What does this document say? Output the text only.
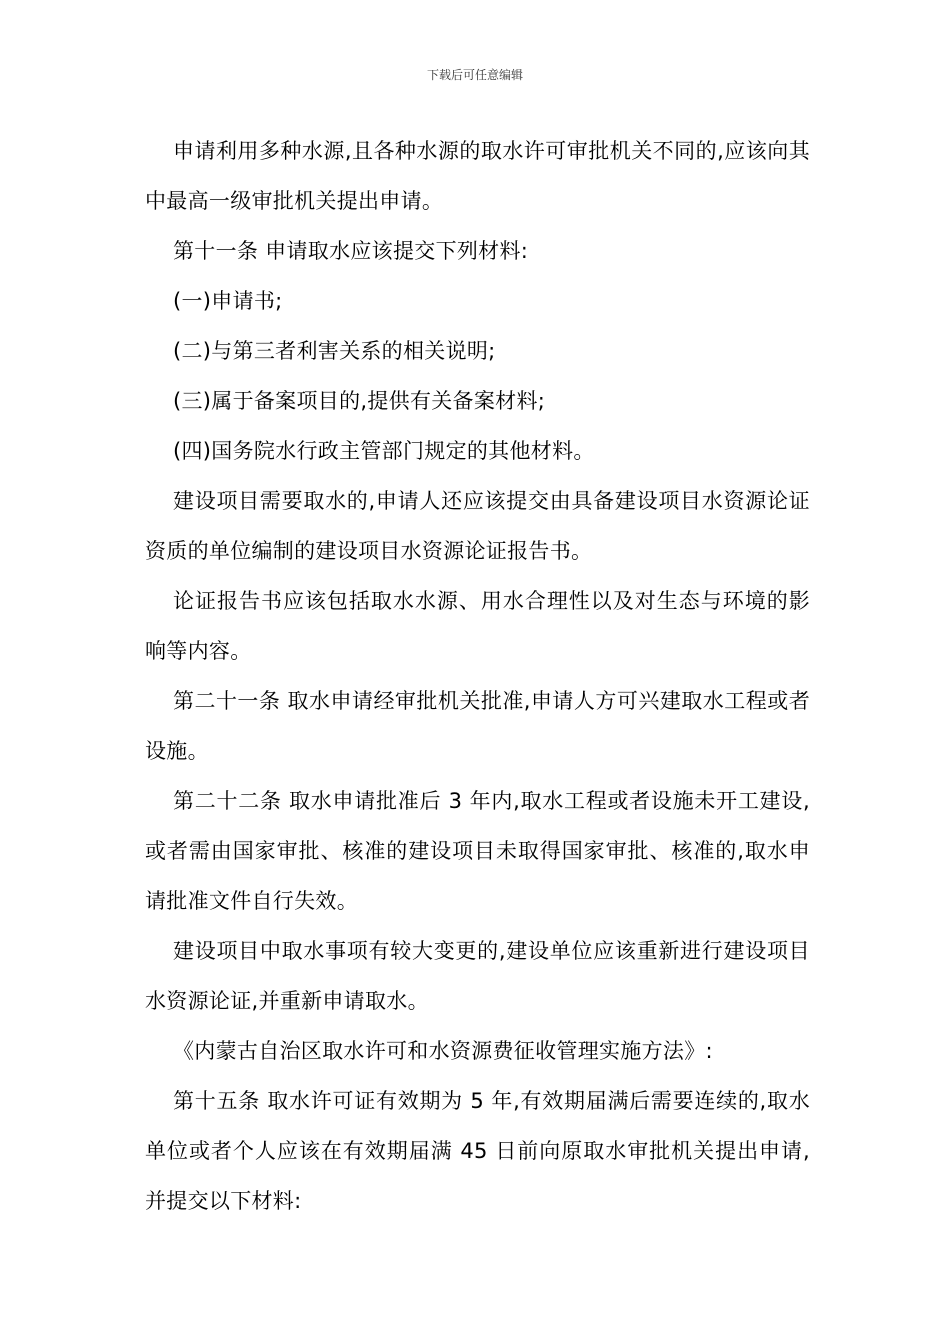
下载后可任意编辑

申请利用多种水源,且各种水源的取水许可审批机关不同的,应该向其中最高一级审批机关提出申请。

第十一条 申请取水应该提交下列材料:

(一)申请书;

(二)与第三者利害关系的相关说明;

(三)属于备案项目的,提供有关备案材料;

(四)国务院水行政主管部门规定的其他材料。

建设项目需要取水的,申请人还应该提交由具备建设项目水资源论证资质的单位编制的建设项目水资源论证报告书。

论证报告书应该包括取水水源、用水合理性以及对生态与环境的影响等内容。

第二十一条 取水申请经审批机关批准,申请人方可兴建取水工程或者设施。

第二十二条 取水申请批准后 3 年内,取水工程或者设施未开工建设,或者需由国家审批、核准的建设项目未取得国家审批、核准的,取水申请批准文件自行失效。

建设项目中取水事项有较大变更的,建设单位应该重新进行建设项目水资源论证,并重新申请取水。

《内蒙古自治区取水许可和水资源费征收管理实施方法》:

第十五条 取水许可证有效期为 5 年,有效期届满后需要连续的,取水单位或者个人应该在有效期届满 45 日前向原取水审批机关提出申请,并提交以下材料:
